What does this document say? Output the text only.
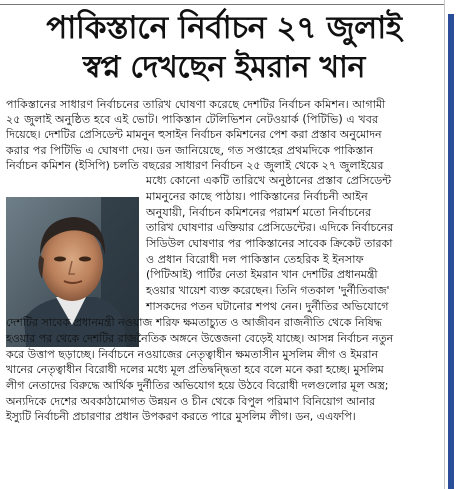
পাকিস্তানে নির্বাচন ২৭ জুলাই
স্বপ্ন দেখছেন ইমরান খান
পাকিস্তানের সাধারণ নির্বাচনের তারিখ ঘোষণা করেছে দেশটির নির্বাচন কমিশন। আগামী
২৫ জুলাই অনুষ্ঠিত হবে এই ভোট। পাকিস্তান টেলিভিশন নেটওয়ার্ক (পিটিভি) এ খবর
দিয়েছে। দেশটির প্রেসিডেন্ট মামনুন হুসাইন নির্বাচন কমিশনের পেশ করা প্রস্তাব অনুমোদন
করার পর পিটিভি এ ঘোষণা দেয়। ডন জানিয়েছে, গত সপ্তাহের প্রথমদিকে পাকিস্তান
নির্বাচন কমিশন (ইসিপি) চলতি বছরের সাধারণ নির্বাচন ২৫ জুলাই থেকে ২৭ জুলাইয়ের
মধ্যে কোনো একটি তারিখে অনুষ্ঠানের প্রস্তাব প্রেসিডেন্ট
মামনুনের কাছে পাঠায়। পাকিস্তানের নির্বাচনী আইন
অনুযায়ী, নির্বাচন কমিশনের পরামর্শ মতো নির্বাচনের
তারিখ ঘোষণার এক্তিয়ার প্রেসিডেন্টের। এদিকে নির্বাচনের
সিডিউল ঘোষণার পর পাকিস্তানের সাবেক ক্রিকেট তারকা
ও প্রধান বিরোধী দল পাকিস্তান তেহরিক ই ইনসাফ
(পিটিআই) পার্টির নেতা ইমরান খান দেশটির প্রধানমন্ত্রী
হওয়ার খায়েশ ব্যক্ত করেছেন। তিনি গতকাল 'দুর্নীতিবাজ'
শাসকদের পতন ঘটানোর শপথ নেন। দুর্নীতির অভিযোগে
দেশটির সাবেক প্রধানমন্ত্রী নওয়াজ শরিফ ক্ষমতাচ্যুত ও আজীবন রাজনীতি থেকে নিষিদ্ধ
হওয়ার পর থেকে দেশটির রাজনৈতিক অঙ্গনে উত্তেজনা বেড়েই যাচ্ছে। আসন্ন নির্বাচন নতুন
করে উত্তাপ ছড়াচ্ছে। নির্বাচনে নওয়াজের নেতৃত্বাধীন ক্ষমতাসীন মুসলিম লীগ ও ইমরান
খানের নেতৃত্বাধীন বিরোধী দলের মধ্যে মূল প্রতিদ্বন্দ্বিতা হবে বলে মনে করা হচ্ছে। মুসলিম
লীগ নেতাদের বিরুদ্ধে আর্থিক দুর্নীতির অভিযোগ হয়ে উঠবে বিরোধী দলগুলোর মূল অস্ত্র;
অন্যদিকে দেশের অবকাঠামোগত উন্নয়ন ও চীন থেকে বিপুল পরিমাণ বিনিয়োগ আনার
ইস্যুটি নির্বাচনী প্রচারণার প্রধান উপকরণ করতে পারে মুসলিম লীগ। ডন, এএফপি।
